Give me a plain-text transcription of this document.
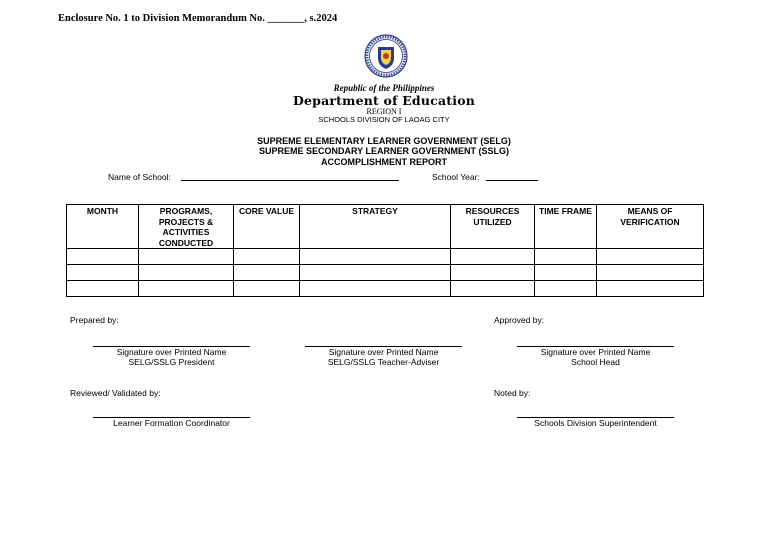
Enclosure No. 1 to Division Memorandum No. _______, s.2024
Republic of the Philippines
Department of Education
REGION I
SCHOOLS DIVISION OF LAOAG CITY
SUPREME ELEMENTARY LEARNER GOVERNMENT (SELG)
SUPREME SECONDARY LEARNER GOVERNMENT (SSLG)
ACCOMPLISHMENT REPORT
Name of School:	School Year:
MONTH	PROGRAMS, PROJECTS & ACTIVITIES CONDUCTED	CORE VALUE	STRATEGY	RESOURCES UTILIZED	TIME FRAME	MEANS OF VERIFICATION

Prepared by:	Approved by:
Signature over Printed Name
SELG/SSLG President
Signature over Printed Name
SELG/SSLG Teacher-Adviser
Signature over Printed Name
School Head
Reviewed/ Validated by:	Noted by:
Learner Formation Coordinator	Schools Division Superintendent
